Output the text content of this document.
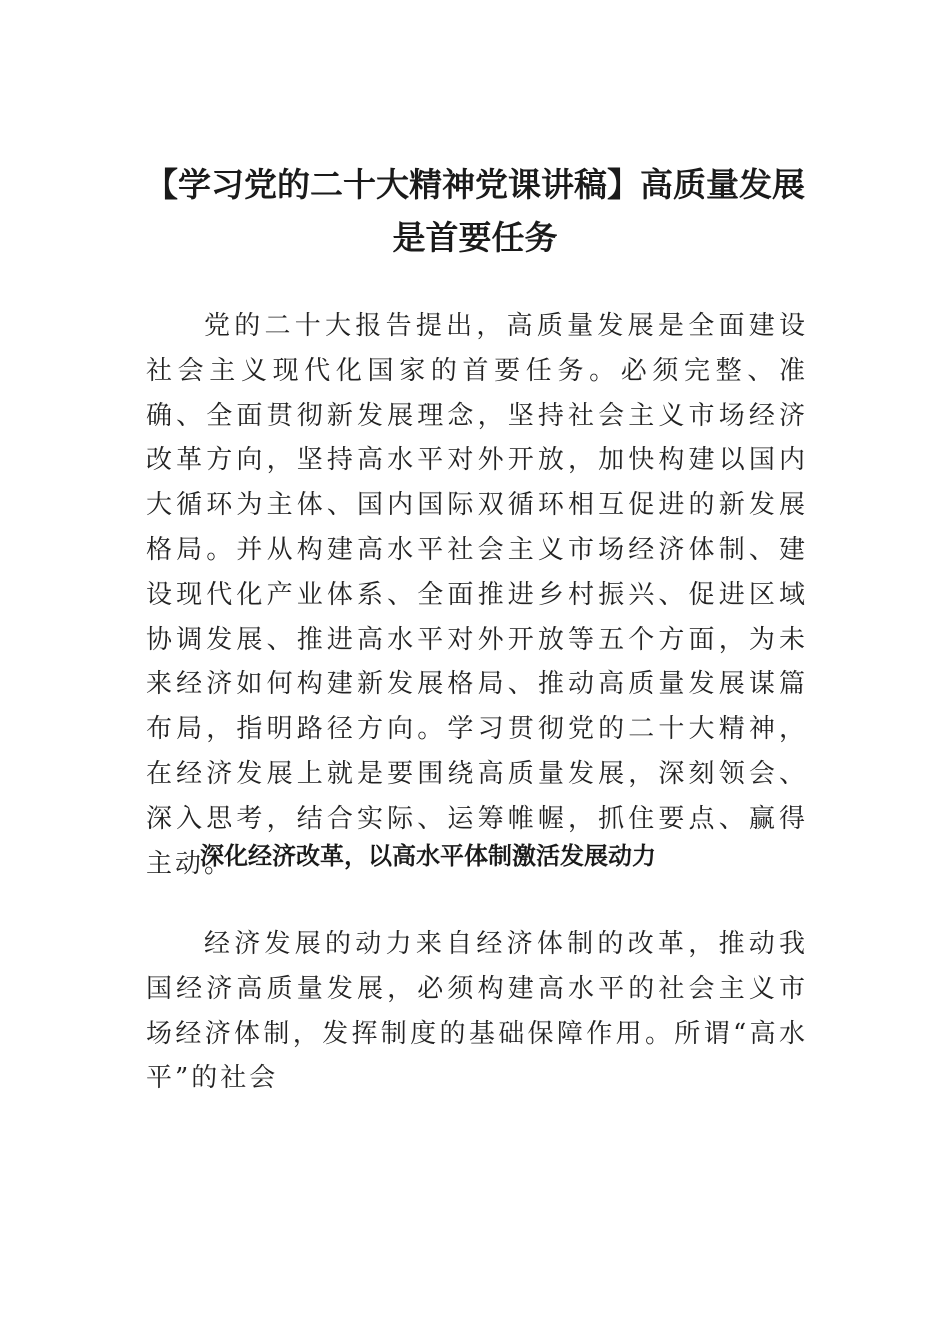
【学习党的二十大精神党课讲稿】高质量发展是首要任务

党的二十大报告提出，高质量发展是全面建设社会主义现代化国家的首要任务。必须完整、准确、全面贯彻新发展理念，坚持社会主义市场经济改革方向，坚持高水平对外开放，加快构建以国内大循环为主体、国内国际双循环相互促进的新发展格局。并从构建高水平社会主义市场经济体制、建设现代化产业体系、全面推进乡村振兴、促进区域协调发展、推进高水平对外开放等五个方面，为未来经济如何构建新发展格局、推动高质量发展谋篇布局，指明路径方向。学习贯彻党的二十大精神，在经济发展上就是要围绕高质量发展，深刻领会、深入思考，结合实际、运筹帷幄，抓住要点、赢得主动。

深化经济改革，以高水平体制激活发展动力

经济发展的动力来自经济体制的改革，推动我国经济高质量发展，必须构建高水平的社会主义市场经济体制，发挥制度的基础保障作用。所谓“高水平”的社会
